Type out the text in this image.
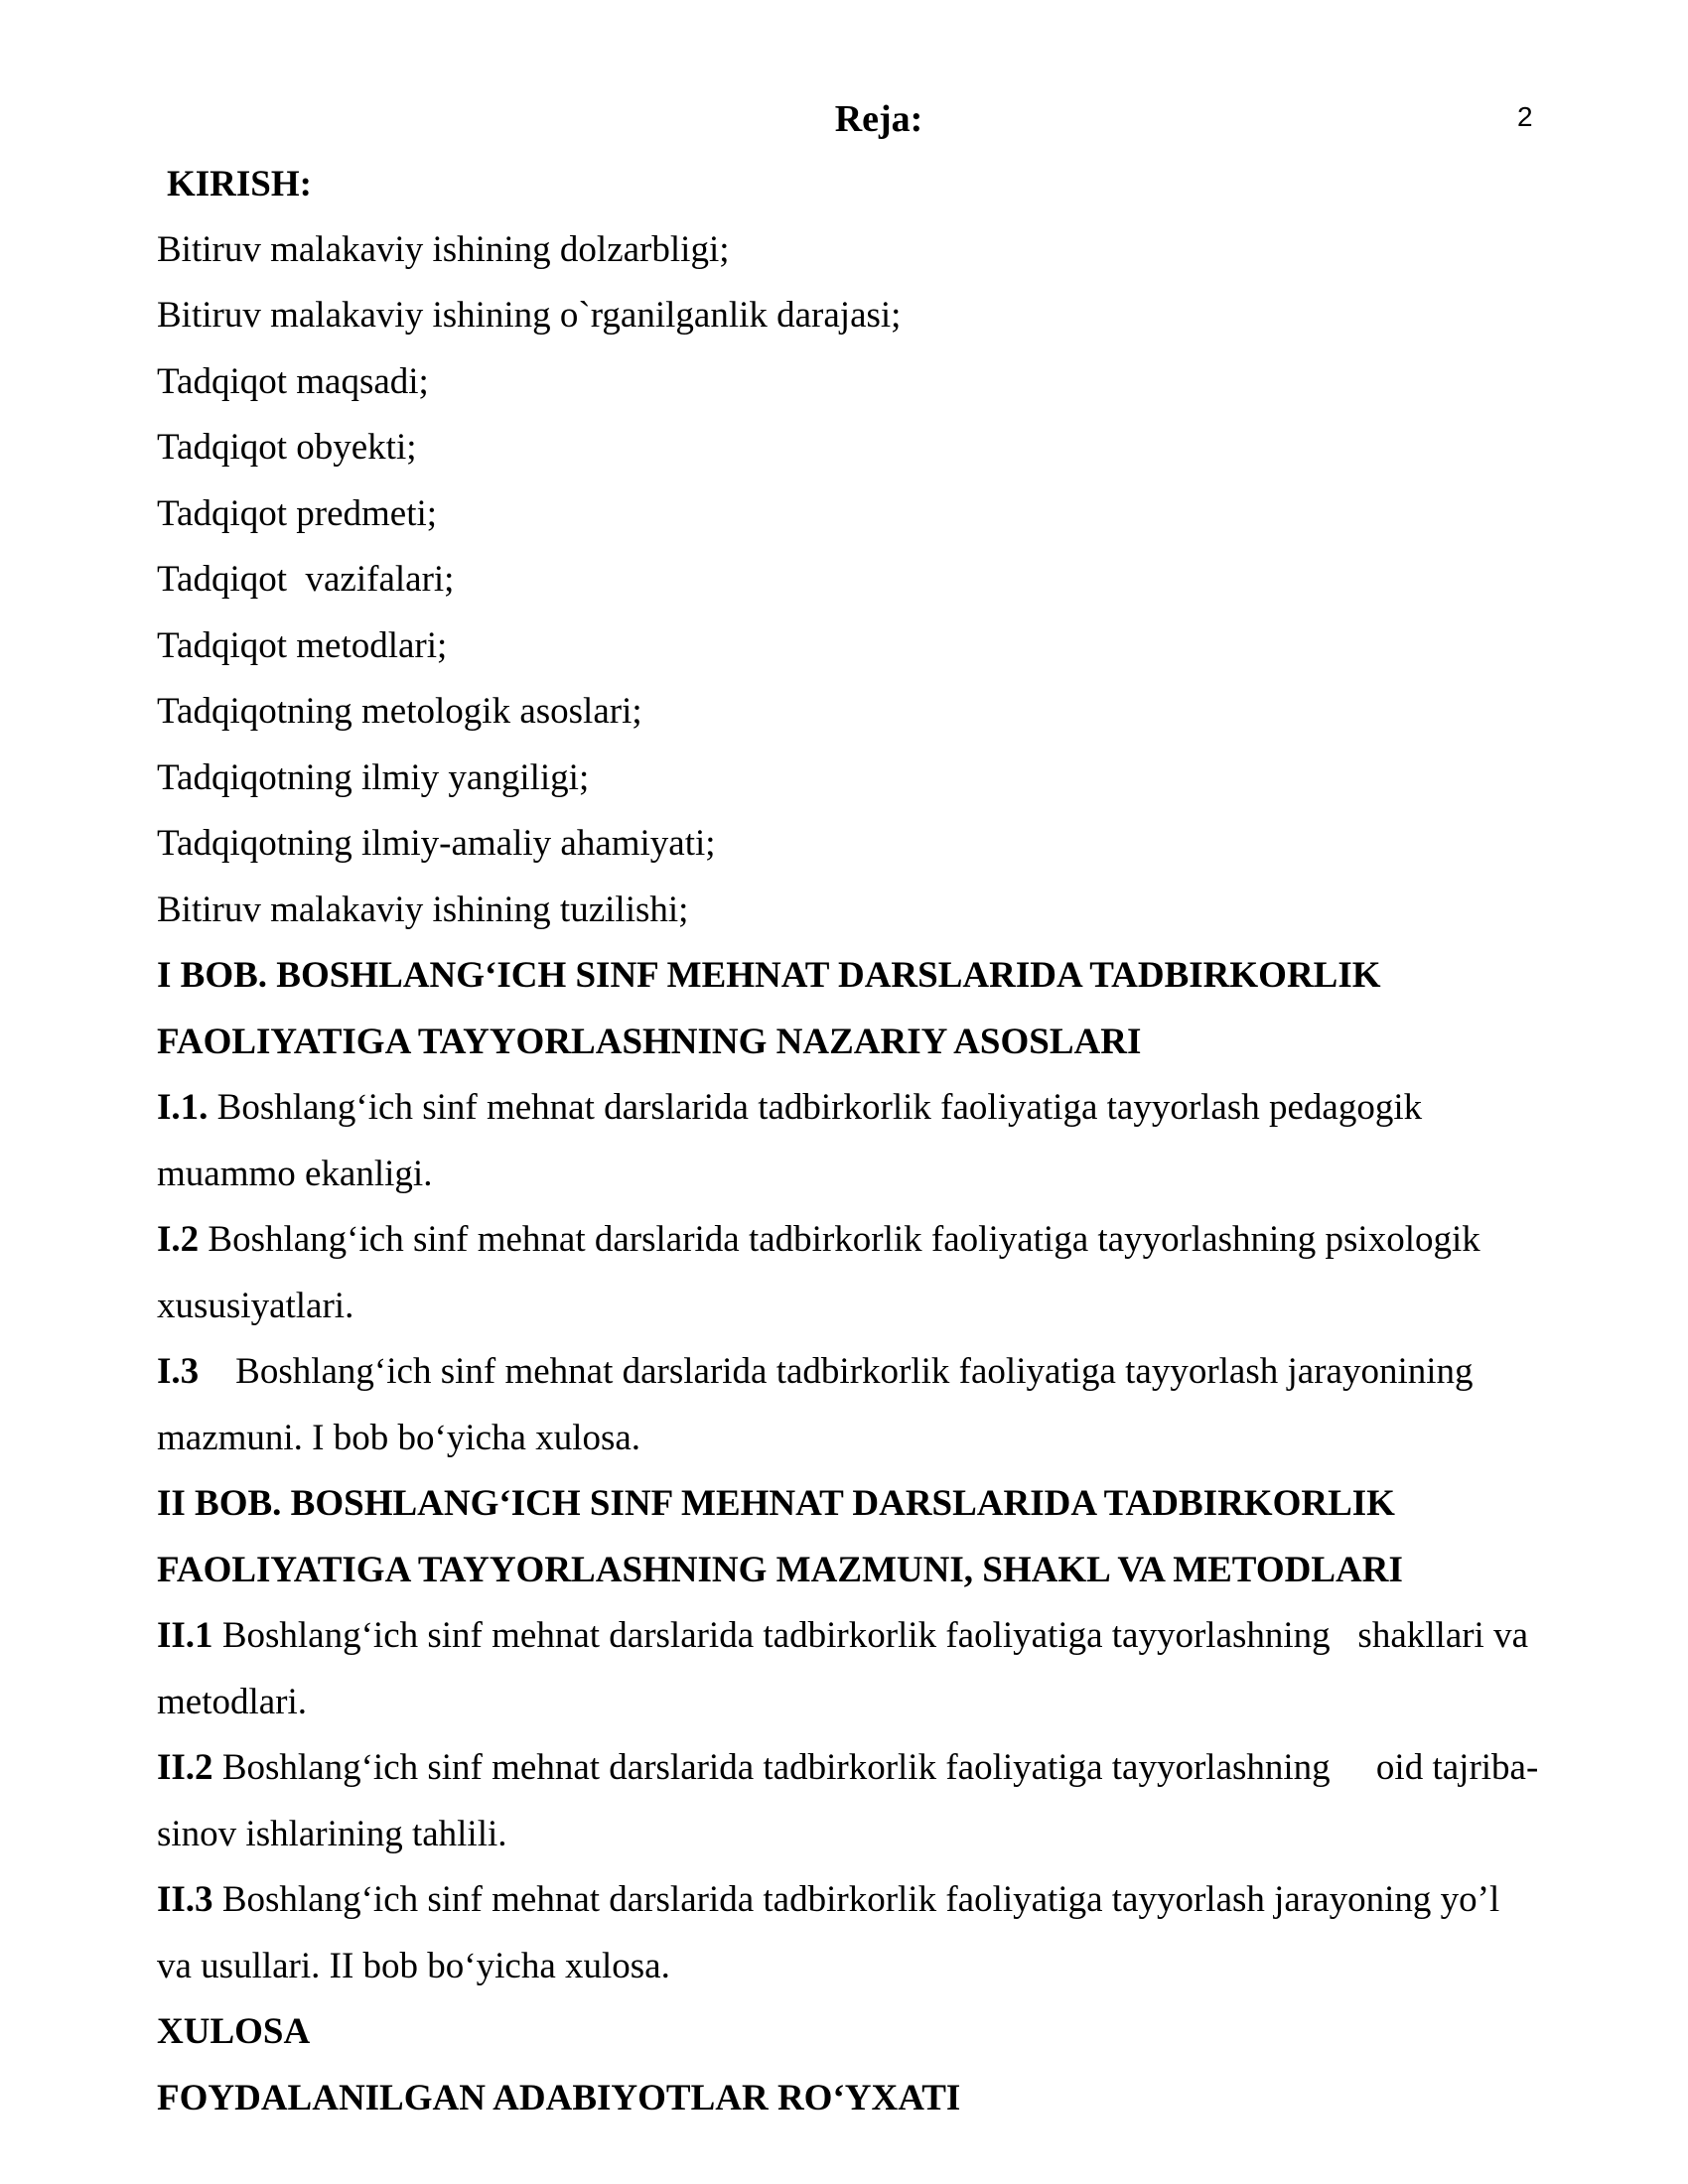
2
Reja:
KIRISH:
Bitiruv malakaviy ishining dolzarbligi;
Bitiruv malakaviy ishining o`rganilganlik darajasi;
Tadqiqot maqsadi;
Tadqiqot obyekti;
Tadqiqot predmeti;
Tadqiqot  vazifalari;
Tadqiqot metodlari;
Tadqiqotning metologik asoslari;
Tadqiqotning ilmiy yangiligi;
Tadqiqotning ilmiy-amaliy ahamiyati;
Bitiruv malakaviy ishining tuzilishi;
I BOB. BOSHLANG‘ICH SINF MEHNAT DARSLARIDA TADBIRKORLIK
FAOLIYATIGA TAYYORLASHNING NAZARIY ASOSLARI
I.1. Boshlang‘ich sinf mehnat darslarida tadbirkorlik faoliyatiga tayyorlash pedagogik
muammo ekanligi.
I.2 Boshlang‘ich sinf mehnat darslarida tadbirkorlik faoliyatiga tayyorlashning psixologik
xususiyatlari.
I.3    Boshlang‘ich sinf mehnat darslarida tadbirkorlik faoliyatiga tayyorlash jarayonining
mazmuni. I bob bo‘yicha xulosa.
II BOB. BOSHLANG‘ICH SINF MEHNAT DARSLARIDA TADBIRKORLIK
FAOLIYATIGA TAYYORLASHNING MAZMUNI, SHAKL VA METODLARI
II.1 Boshlang‘ich sinf mehnat darslarida tadbirkorlik faoliyatiga tayyorlashning   shakllari va
metodlari.
II.2 Boshlang‘ich sinf mehnat darslarida tadbirkorlik faoliyatiga tayyorlashning     oid tajriba-
sinov ishlarining tahlili.
II.3 Boshlang‘ich sinf mehnat darslarida tadbirkorlik faoliyatiga tayyorlash jarayoning yo’l
va usullari. II bob bo‘yicha xulosa.
XULOSA
FOYDALANILGAN ADABIYOTLAR RO‘YXATI
